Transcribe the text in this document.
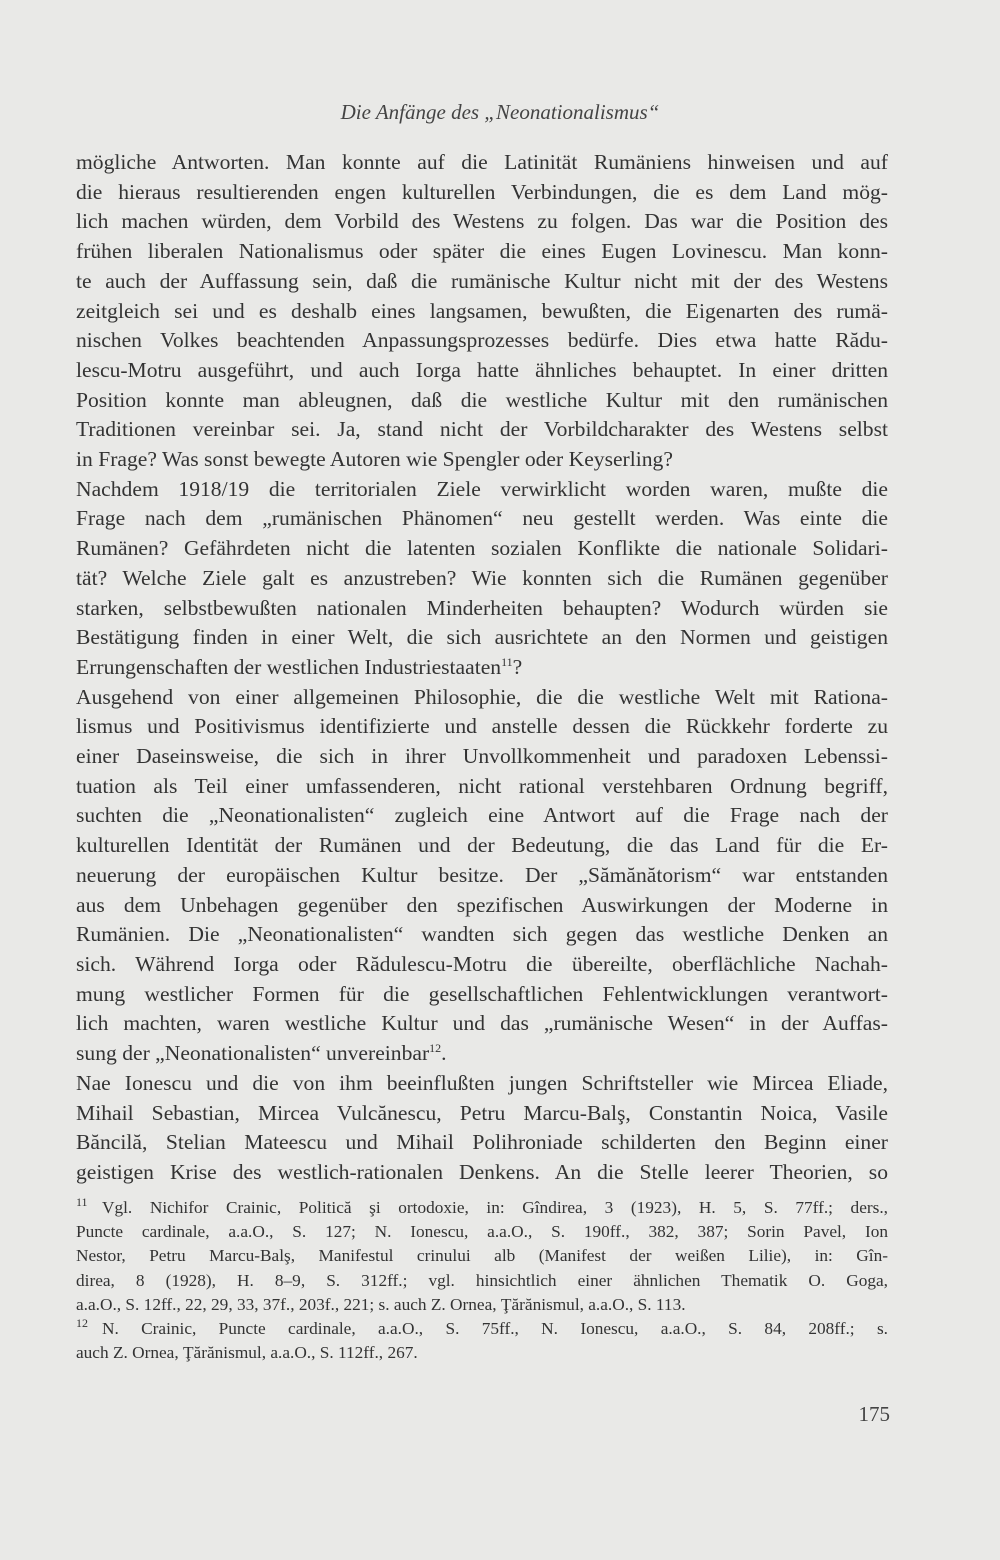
Die Anfänge des „Neonationalismus“
mögliche Antworten. Man konnte auf die Latinität Rumäniens hinweisen und auf
die hieraus resultierenden engen kulturellen Verbindungen, die es dem Land mög-
lich machen würden, dem Vorbild des Westens zu folgen. Das war die Position des
frühen liberalen Nationalismus oder später die eines Eugen Lovinescu. Man konn-
te auch der Auffassung sein, daß die rumänische Kultur nicht mit der des Westens
zeitgleich sei und es deshalb eines langsamen, bewußten, die Eigenarten des rumä-
nischen Volkes beachtenden Anpassungsprozesses bedürfe. Dies etwa hatte Rădu-
lescu-Motru ausgeführt, und auch Iorga hatte ähnliches behauptet. In einer dritten
Position konnte man ableugnen, daß die westliche Kultur mit den rumänischen
Traditionen vereinbar sei. Ja, stand nicht der Vorbildcharakter des Westens selbst
in Frage? Was sonst bewegte Autoren wie Spengler oder Keyserling?
Nachdem 1918/19 die territorialen Ziele verwirklicht worden waren, mußte die
Frage nach dem „rumänischen Phänomen“ neu gestellt werden. Was einte die
Rumänen? Gefährdeten nicht die latenten sozialen Konflikte die nationale Solidari-
tät? Welche Ziele galt es anzustreben? Wie konnten sich die Rumänen gegenüber
starken, selbstbewußten nationalen Minderheiten behaupten? Wodurch würden sie
Bestätigung finden in einer Welt, die sich ausrichtete an den Normen und geistigen
Errungenschaften der westlichen Industriestaaten$^{11}$?
Ausgehend von einer allgemeinen Philosophie, die die westliche Welt mit Rationa-
lismus und Positivismus identifizierte und anstelle dessen die Rückkehr forderte zu
einer Daseinsweise, die sich in ihrer Unvollkommenheit und paradoxen Lebenssi-
tuation als Teil einer umfassenderen, nicht rational verstehbaren Ordnung begriff,
suchten die „Neonationalisten“ zugleich eine Antwort auf die Frage nach der
kulturellen Identität der Rumänen und der Bedeutung, die das Land für die Er-
neuerung der europäischen Kultur besitze. Der „Sămănătorism“ war entstanden
aus dem Unbehagen gegenüber den spezifischen Auswirkungen der Moderne in
Rumänien. Die „Neonationalisten“ wandten sich gegen das westliche Denken an
sich. Während Iorga oder Rădulescu-Motru die übereilte, oberflächliche Nachah-
mung westlicher Formen für die gesellschaftlichen Fehlentwicklungen verantwort-
lich machten, waren westliche Kultur und das „rumänische Wesen“ in der Auffas-
sung der „Neonationalisten“ unvereinbar$^{12}$.
Nae Ionescu und die von ihm beeinflußten jungen Schriftsteller wie Mircea Eliade,
Mihail Sebastian, Mircea Vulcănescu, Petru Marcu-Balş, Constantin Noica, Vasile
Băncilă, Stelian Mateescu und Mihail Polihroniade schilderten den Beginn einer
geistigen Krise des westlich-rationalen Denkens. An die Stelle leerer Theorien, so
11 Vgl. Nichifor Crainic, Politică şi ortodoxie, in: Gîndirea, 3 (1923), H. 5, S. 77ff.; ders.,
Puncte cardinale, a.a.O., S. 127; N. Ionescu, a.a.O., S. 190ff., 382, 387; Sorin Pavel, Ion
Nestor, Petru Marcu-Balş, Manifestul crinului alb (Manifest der weißen Lilie), in: Gîn-
direa, 8 (1928), H. 8–9, S. 312ff.; vgl. hinsichtlich einer ähnlichen Thematik O. Goga,
a.a.O., S. 12ff., 22, 29, 33, 37f., 203f., 221; s. auch Z. Ornea, Ţărănismul, a.a.O., S. 113.
12 N. Crainic, Puncte cardinale, a.a.O., S. 75ff., N. Ionescu, a.a.O., S. 84, 208ff.; s.
auch Z. Ornea, Ţărănismul, a.a.O., S. 112ff., 267.
175
